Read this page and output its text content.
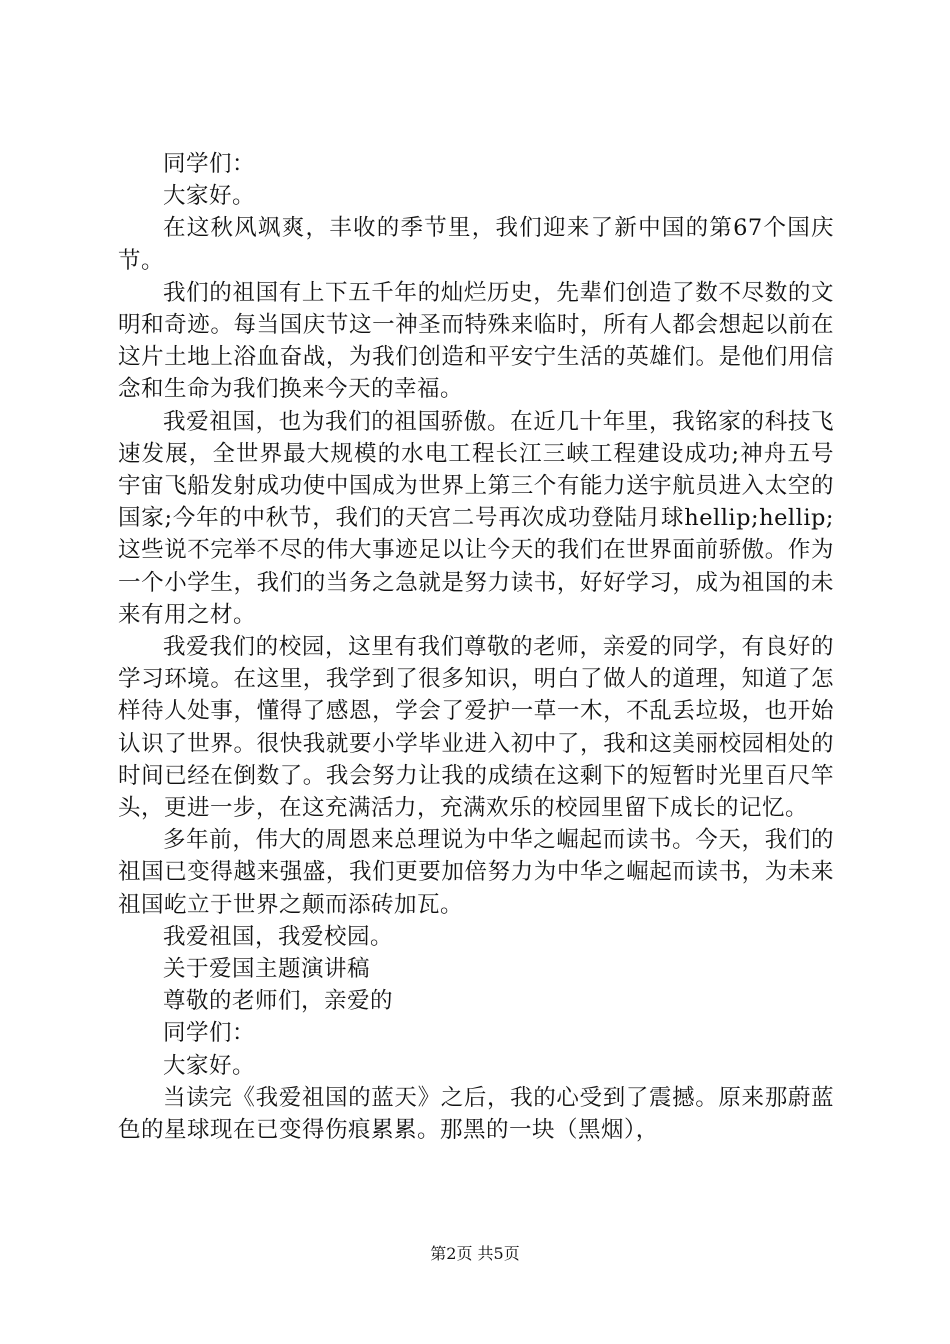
同学们：

大家好。

在这秋风飒爽，丰收的季节里，我们迎来了新中国的第67个国庆节。

我们的祖国有上下五千年的灿烂历史，先辈们创造了数不尽数的文明和奇迹。每当国庆节这一神圣而特殊来临时，所有人都会想起以前在这片土地上浴血奋战，为我们创造和平安宁生活的英雄们。是他们用信念和生命为我们换来今天的幸福。

我爱祖国，也为我们的祖国骄傲。在近几十年里，我铭家的科技飞速发展，全世界最大规模的水电工程长江三峡工程建设成功;神舟五号宇宙飞船发射成功使中国成为世界上第三个有能力送宇航员进入太空的国家;今年的中秋节，我们的天宫二号再次成功登陆月球hellip;hellip;这些说不完举不尽的伟大事迹足以让今天的我们在世界面前骄傲。作为一个小学生，我们的当务之急就是努力读书，好好学习，成为祖国的未来有用之材。

我爱我们的校园，这里有我们尊敬的老师，亲爱的同学，有良好的学习环境。在这里，我学到了很多知识，明白了做人的道理，知道了怎样待人处事，懂得了感恩，学会了爱护一草一木，不乱丢垃圾，也开始认识了世界。很快我就要小学毕业进入初中了，我和这美丽校园相处的时间已经在倒数了。我会努力让我的成绩在这剩下的短暂时光里百尺竿头，更进一步，在这充满活力，充满欢乐的校园里留下成长的记忆。

多年前，伟大的周恩来总理说为中华之崛起而读书。今天，我们的祖国已变得越来强盛，我们更要加倍努力为中华之崛起而读书，为未来祖国屹立于世界之颠而添砖加瓦。

我爱祖国，我爱校园。

关于爱国主题演讲稿

尊敬的老师们，亲爱的

同学们：

大家好。

当读完《我爱祖国的蓝天》之后，我的心受到了震撼。原来那蔚蓝色的星球现在已变得伤痕累累。那黑的一块（黑烟），

第2页 共5页
